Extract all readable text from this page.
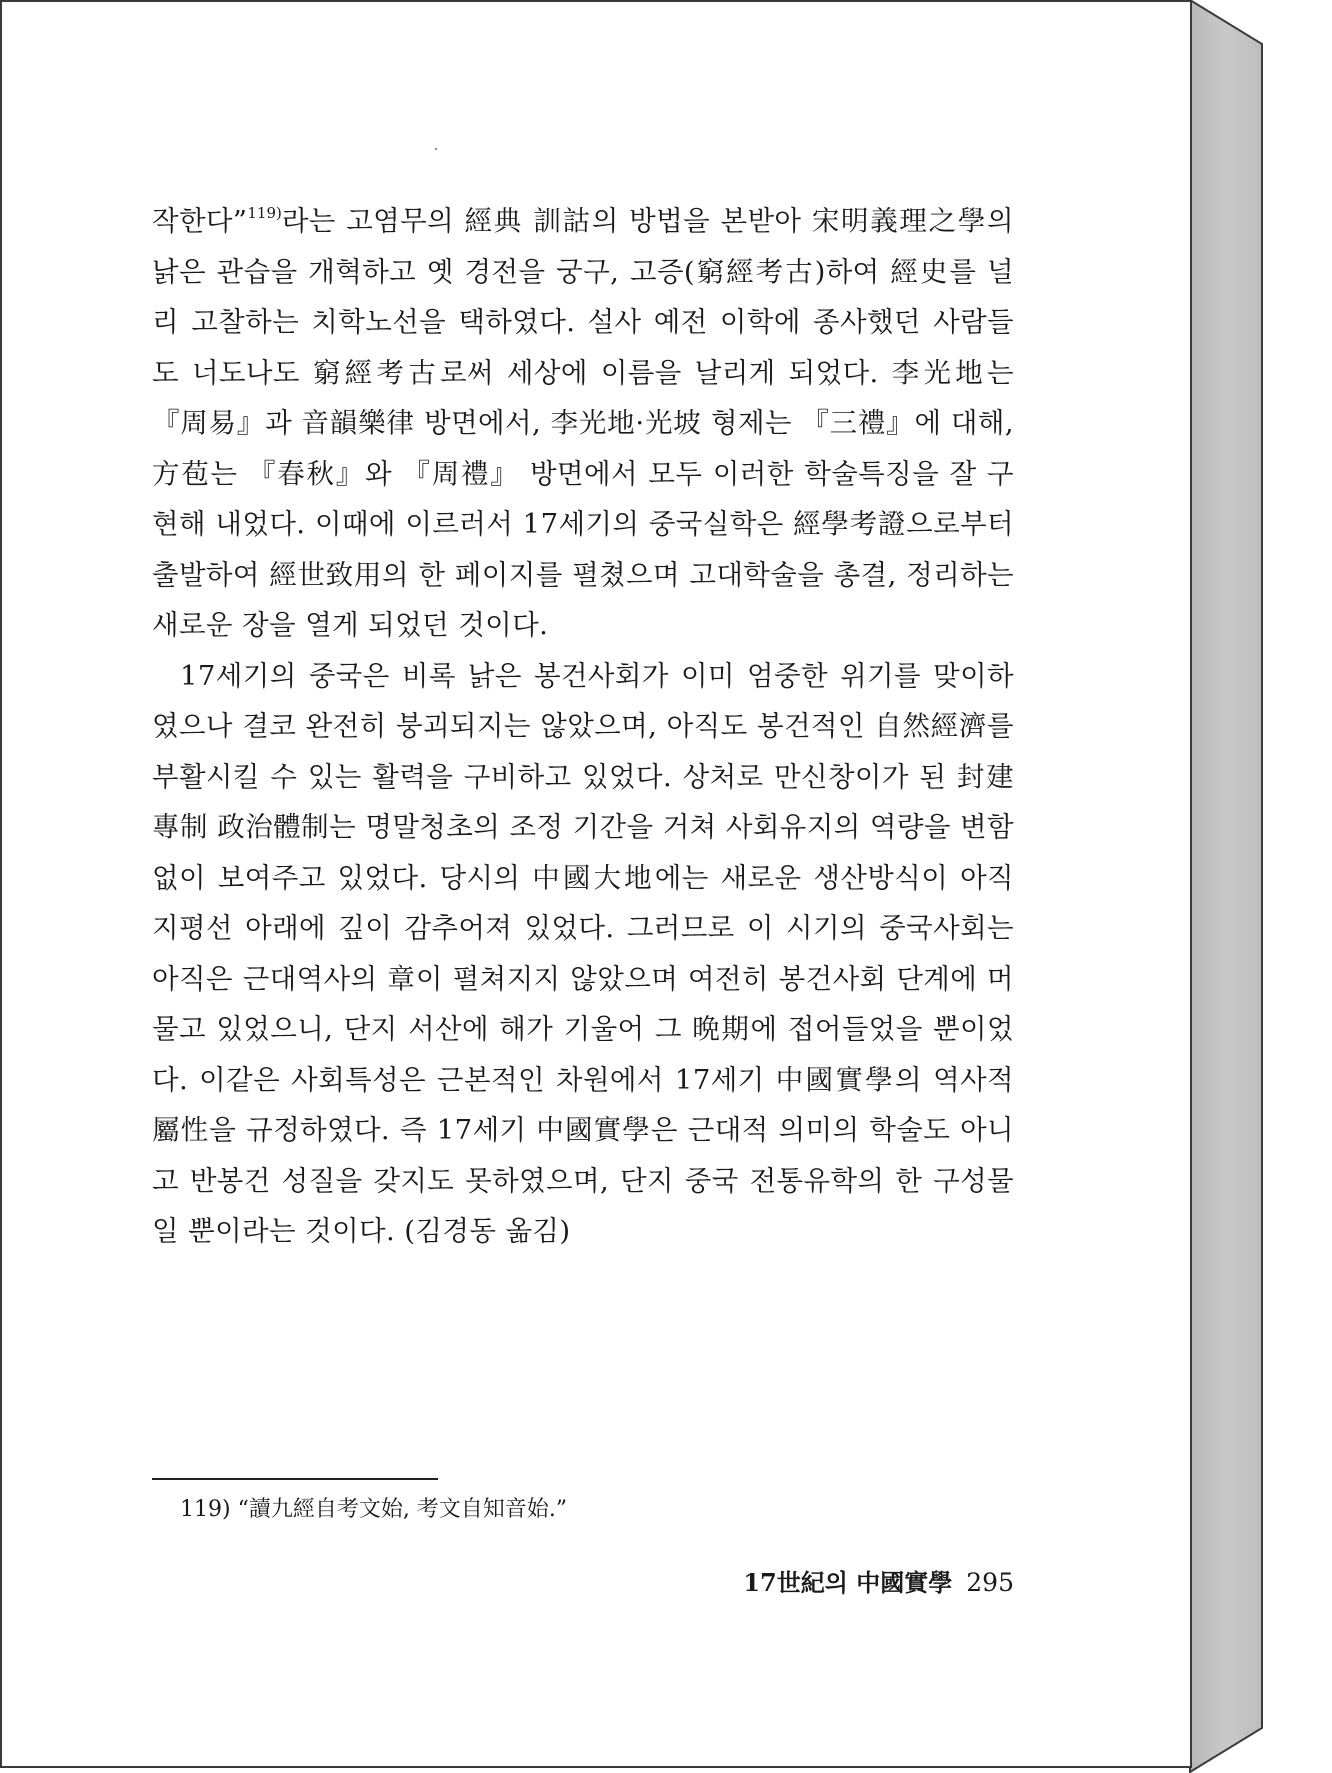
작한다”$^{119)}$라는 고염무의 經典 訓詁의 방법을 본받아 宋明義理之學의 낡은 관습을 개혁하고 옛 경전을 궁구, 고증(窮經考古)하여 經史를 널리 고찰하는 치학노선을 택하였다. 설사 예전 이학에 종사했던 사람들도 너도나도 窮經考古로써 세상에 이름을 날리게 되었다. 李光地는 『周易』과 音韻樂律 방면에서, 李光地·光坡 형제는 『三禮』에 대해, 方苞는 『春秋』와 『周禮』 방면에서 모두 이러한 학술특징을 잘 구현해 내었다. 이때에 이르러서 17세기의 중국실학은 經學考證으로부터 출발하여 經世致用의 한 페이지를 펼쳤으며 고대학술을 총결, 정리하는 새로운 장을 열게 되었던 것이다.

17세기의 중국은 비록 낡은 봉건사회가 이미 엄중한 위기를 맞이하였으나 결코 완전히 붕괴되지는 않았으며, 아직도 봉건적인 自然經濟를 부활시킬 수 있는 활력을 구비하고 있었다. 상처로 만신창이가 된 封建專制 政治體制는 명말청초의 조정 기간을 거쳐 사회유지의 역량을 변함없이 보여주고 있었다. 당시의 中國大地에는 새로운 생산방식이 아직 지평선 아래에 깊이 감추어져 있었다. 그러므로 이 시기의 중국사회는 아직은 근대역사의 章이 펼쳐지지 않았으며 여전히 봉건사회 단계에 머물고 있었으니, 단지 서산에 해가 기울어 그 晩期에 접어들었을 뿐이었다. 이같은 사회특성은 근본적인 차원에서 17세기 中國實學의 역사적 屬性을 규정하였다. 즉 17세기 中國實學은 근대적 의미의 학술도 아니고 반봉건 성질을 갖지도 못하였으며, 단지 중국 전통유학의 한 구성물일 뿐이라는 것이다. (김경동 옮김)

119) “讀九經自考文始, 考文自知音始.”
17世紀의 中國實學 295
